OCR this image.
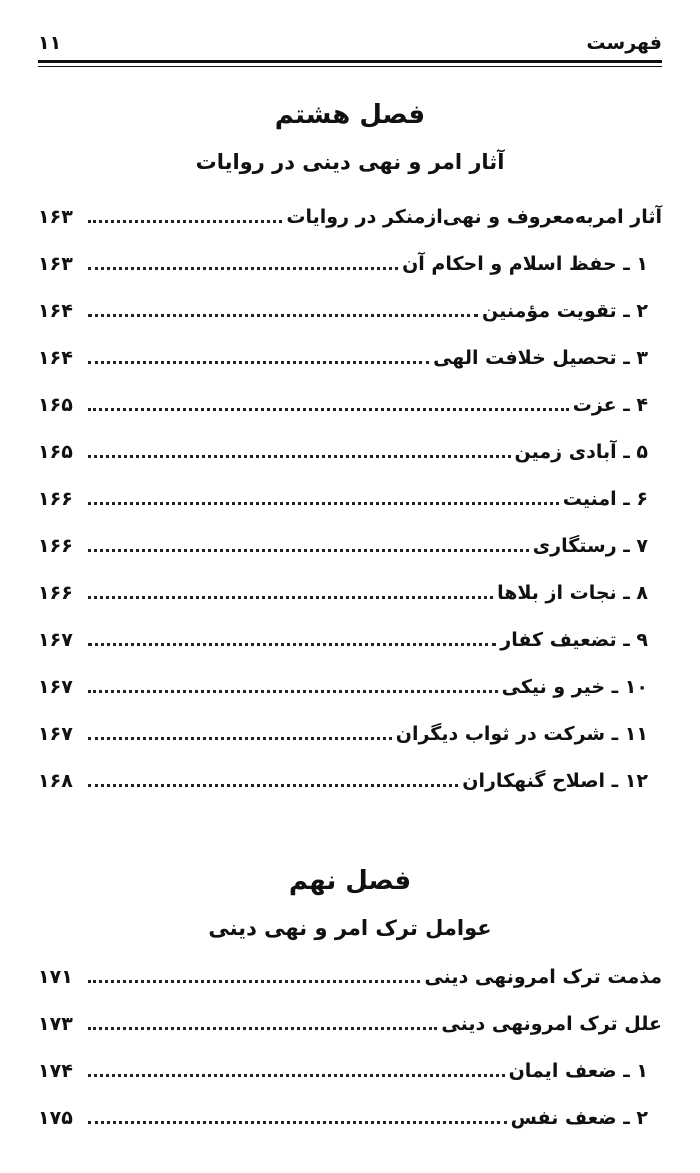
فهرست
۱۱
فصل هشتم
آثار امر و نهی دینی در روایات
آثار امربه‌معروف و نهی‌ازمنکر در روایات
۱۶۳
۱ ـ حفظ اسلام و احکام آن
۱۶۳
۲ ـ تقویت مؤمنین
۱۶۴
۳ ـ تحصیل خلافت الهی
۱۶۴
۴ ـ عزت
۱۶۵
۵ ـ آبادی زمین
۱۶۵
۶ ـ امنیت
۱۶۶
۷ ـ رستگاری
۱۶۶
۸ ـ نجات از بلاها
۱۶۶
۹ ـ تضعیف کفار
۱۶۷
۱۰ ـ خیر و نیکی
۱۶۷
۱۱ ـ شرکت در ثواب دیگران
۱۶۷
۱۲ ـ اصلاح گنهکاران
۱۶۸
فصل نهم
عوامل ترک امر و نهی دینی
مذمت ترک امرونهی دینی
۱۷۱
علل ترک امرونهی دینی
۱۷۳
۱ ـ ضعف ایمان
۱۷۴
۲ ـ ضعف نفس
۱۷۵
